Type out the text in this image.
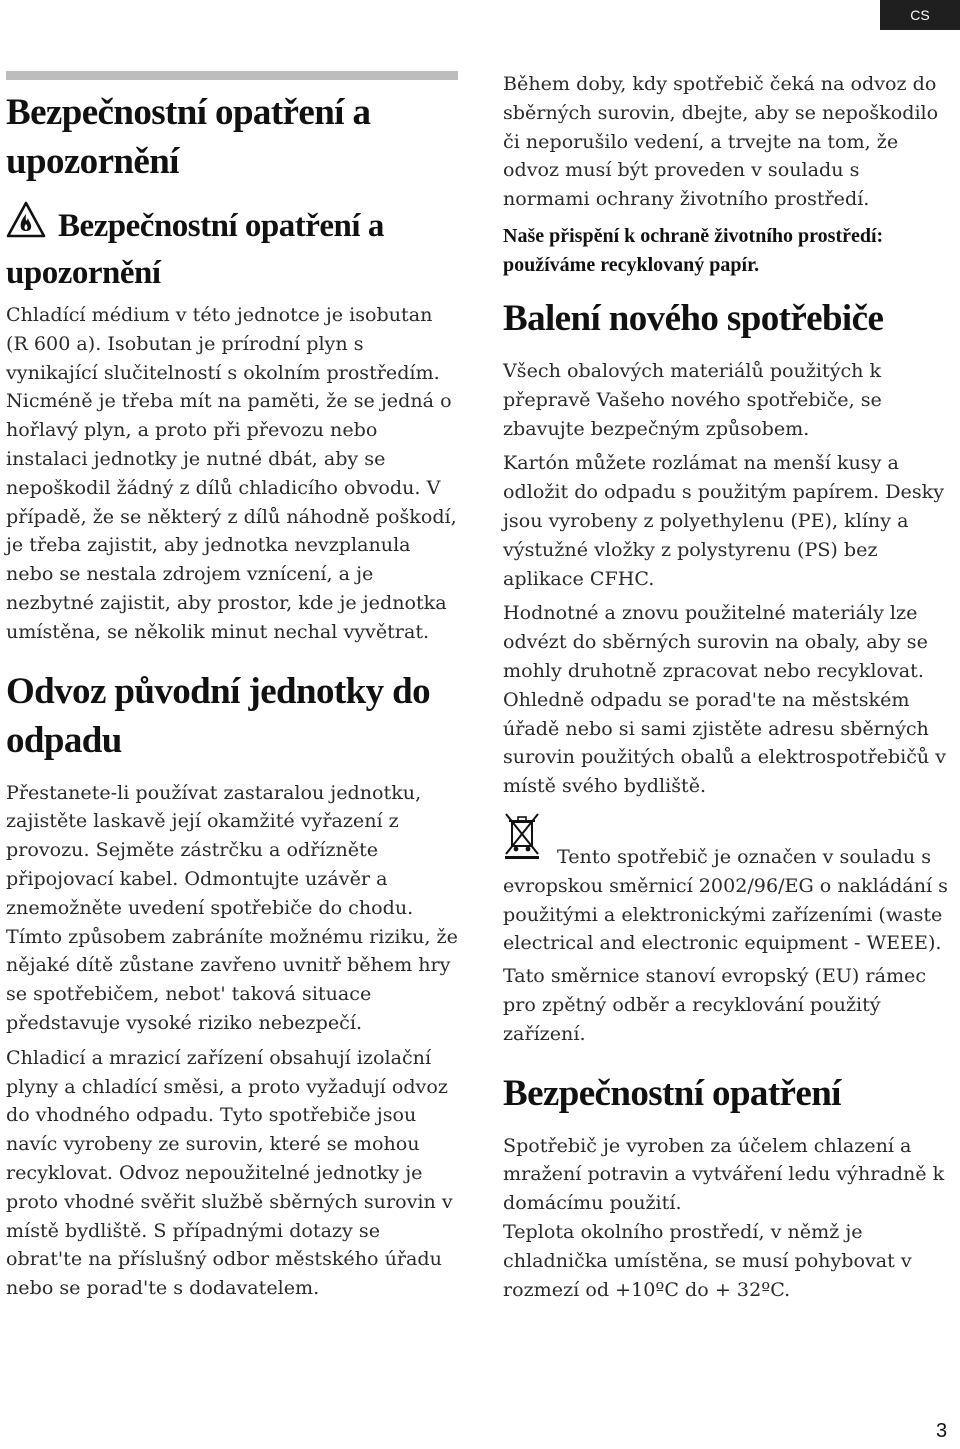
CS
Bezpečnostní opatření a upozornění
Bezpečnostní opatření a upozornění

Chladící médium v této jednotce je isobutan (R 600 a). Isobutan je prírodní plyn s vynikající slučitelností s okolním prostředím. Nicméně je třeba mít na paměti, že se jedná o hořlavý plyn, a proto při převozu nebo instalaci jednotky je nutné dbát, aby se nepoškodil žádný z dílů chladicího obvodu. V případě, že se některý z dílů náhodně poškodí, je třeba zajistit, aby jednotka nevzplanula nebo se nestala zdrojem vznícení, a je nezbytné zajistit, aby prostor, kde je jednotka umístěna, se několik minut nechal vyvětrat.

Odvoz původní jednotky do odpadu

Přestanete-li používat zastaralou jednotku, zajistěte laskavě její okamžité vyřazení z provozu. Sejměte zástrčku a odřízněte připojovací kabel. Odmontujte uzávěr a znemožněte uvedení spotřebiče do chodu. Tímto způsobem zabráníte možnému riziku, že nějaké dítě zůstane zavřeno uvnitř během hry se spotřebičem, nebot' taková situace představuje vysoké riziko nebezpečí.

Chladicí a mrazicí zařízení obsahují izolační plyny a chladící směsi, a proto vyžadují odvoz do vhodného odpadu. Tyto spotřebiče jsou navíc vyrobeny ze surovin, které se mohou recyklovat. Odvoz nepoužitelné jednotky je proto vhodné svěřit službě sběrných surovin v místě bydliště. S případnými dotazy se obrat'te na příslušný odbor městského úřadu nebo se porad'te s dodavatelem.

Během doby, kdy spotřebič čeká na odvoz do sběrných surovin, dbejte, aby se nepoškodilo či neporušilo vedení, a trvejte na tom, že odvoz musí být proveden v souladu s normami ochrany životního prostředí.

Naše přispění k ochraně životního prostředí: používáme recyklovaný papír.
Balení nového spotřebiče

Všech obalových materiálů použitých k přepravě Vašeho nového spotřebiče, se zbavujte bezpečným způsobem.

Kartón můžete rozlámat na menší kusy a odložit do odpadu s použitým papírem. Desky jsou vyrobeny z polyethylenu (PE), klíny a výstužné vložky z polystyrenu (PS) bez aplikace CFHC.

Hodnotné a znovu použitelné materiály lze odvézt do sběrných surovin na obaly, aby se mohly druhotně zpracovat nebo recyklovat. Ohledně odpadu se porad'te na městském úřadě nebo si sami zjistěte adresu sběrných surovin použitých obalů a elektrospotřebičů v místě svého bydliště.

Tento spotřebič je označen v souladu s evropskou směrnicí 2002/96/EG o nakládání s použitými a elektronickými zařízeními (waste electrical and electronic equipment - WEEE).

Tato směrnice stanoví evropský (EU) rámec pro zpětný odběr a recyklování použitý zařízení.

Bezpečnostní opatření

Spotřebič je vyroben za účelem chlazení a mražení potravin a vytváření ledu výhradně k domácímu použití.

Teplota okolního prostředí, v němž je chladnička umístěna, se musí pohybovat v rozmezí od +10ºC do + 32ºC.

3
